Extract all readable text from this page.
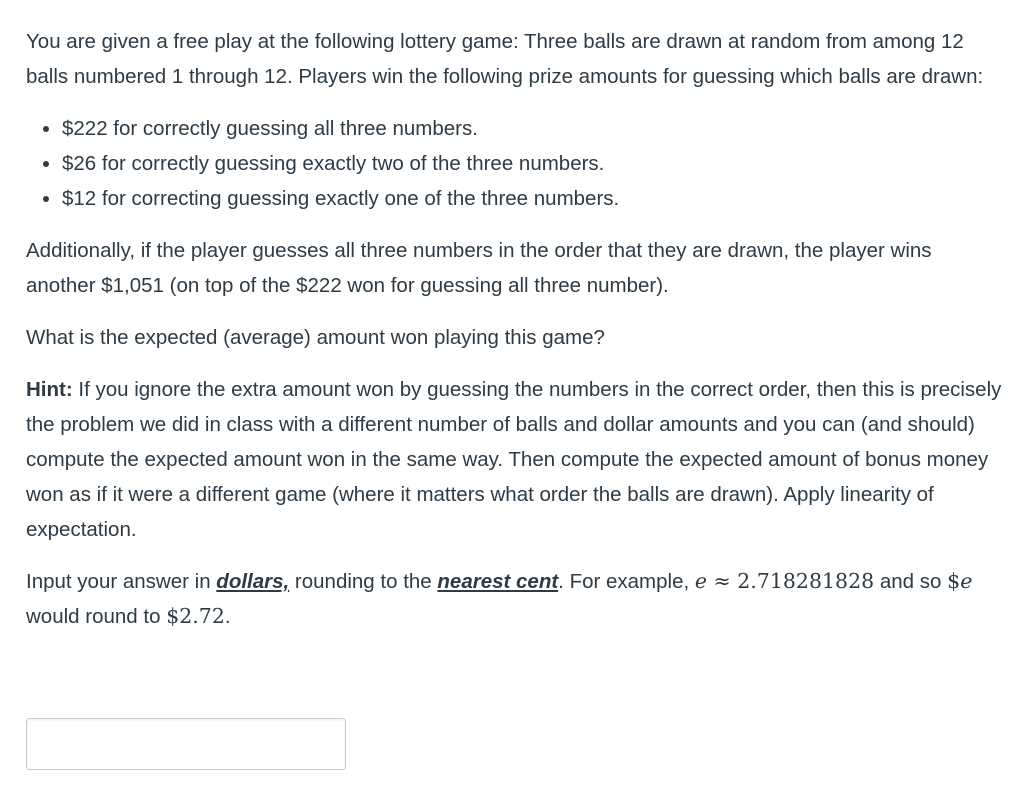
You are given a free play at the following lottery game: Three balls are drawn at random from among 12 balls numbered 1 through 12. Players win the following prize amounts for guessing which balls are drawn:

• $222 for correctly guessing all three numbers.
• $26 for correctly guessing exactly two of the three numbers.
• $12 for correcting guessing exactly one of the three numbers.

Additionally, if the player guesses all three numbers in the order that they are drawn, the player wins another $1,051 (on top of the $222 won for guessing all three number).

What is the expected (average) amount won playing this game?

Hint: If you ignore the extra amount won by guessing the numbers in the correct order, then this is precisely the problem we did in class with a different number of balls and dollar amounts and you can (and should) compute the expected amount won in the same way. Then compute the expected amount of bonus money won as if it were a different game (where it matters what order the balls are drawn). Apply linearity of expectation.

Input your answer in dollars, rounding to the nearest cent. For example, e ≈ 2.718281828 and so $e would round to $2.72.
